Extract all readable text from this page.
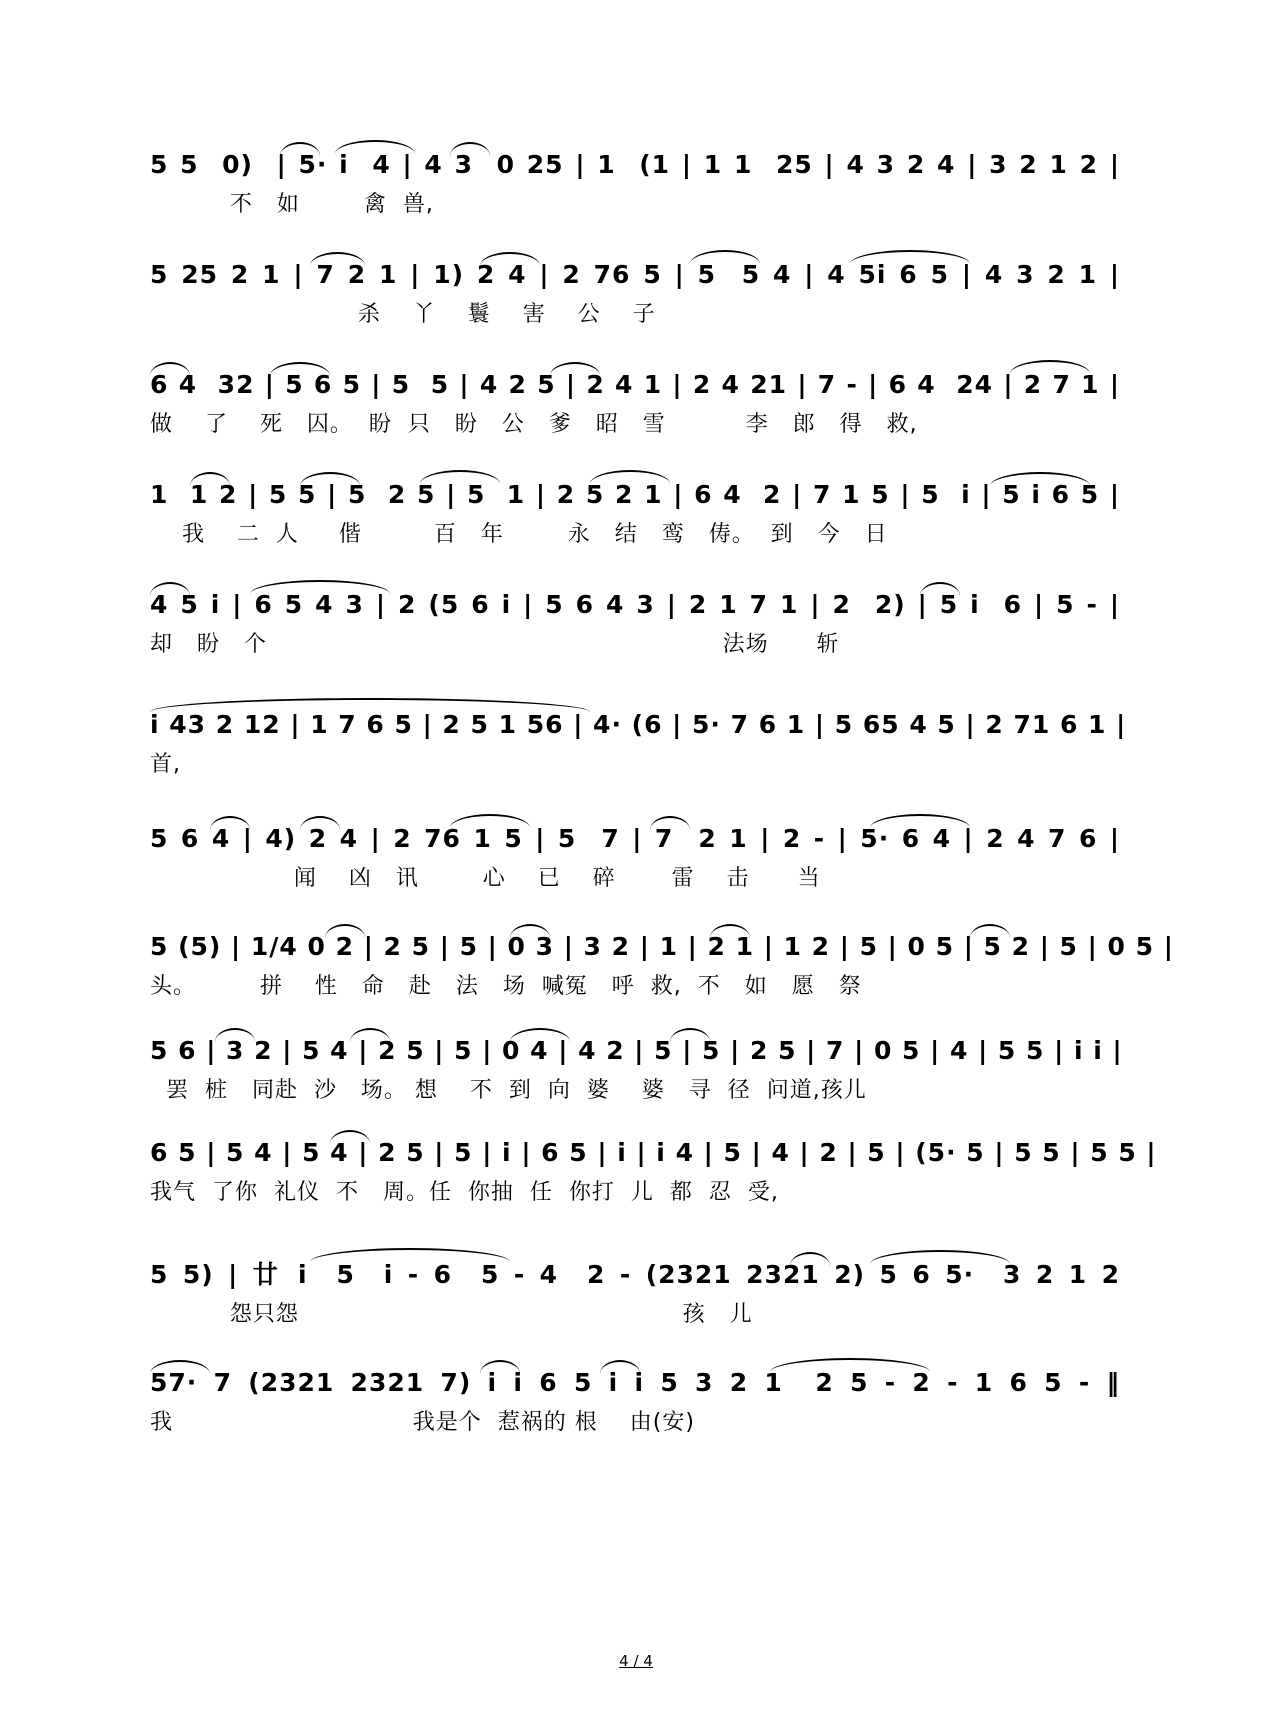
5 5  0)  | 5· i  4 | 4 3  0 25 | 1  (1 | 1 1  25 | 4 3 2 4 | 3 2 1 2 |
不   如        禽  兽,
5 25 2 1 | 7 2 1 | 1) 2 4 | 2 76 5 | 5  5 4 | 4 5i 6 5 | 4 3 2 1 |
杀    丫    鬟    害    公    子
6 4  32 | 5 6 5 | 5  5 | 4 2 5 | 2 4 1 | 2 4 21 | 7 - | 6 4  24 | 2 7 1 |
做    了    死   囚。  盼  只   盼   公   爹   昭   雪          李   郎   得   救,
1  1 2 | 5 5 | 5  2 5 | 5  1 | 2 5 2 1 | 6 4  2 | 7 1 5 | 5  i | 5 i 6 5 |
我    二  人     偕         百   年        永   结   鸾   俦。  到   今   日
4 5 i | 6 5 4 3 | 2 (5 6 i | 5 6 4 3 | 2 1 7 1 | 2  2) | 5 i  6 | 5 - |
却   盼   个                                                         法场      斩
i 43 2 12 | 1 7 6 5 | 2 5 1 56 | 4· (6 | 5· 7 6 1 | 5 65 4 5 | 2 71 6 1 |
首,
5 6 4 | 4) 2 4 | 2 76 1 5 | 5  7 | 7  2 1 | 2 - | 5· 6 4 | 2 4 7 6 |
闻    凶   讯        心    已    碎       雷    击      当
5 (5) | 1/4 0 2 | 2 5 | 5 | 0 3 | 3 2 | 1 | 2 1 | 1 2 | 5 | 0 5 | 5 2 | 5 | 0 5 |
头。        拼    性   命   赴   法   场  喊冤   呼  救,  不   如   愿   祭
5 6 | 3 2 | 5 4 | 2 5 | 5 | 0 4 | 4 2 | 5 | 5 | 2 5 | 7 | 0 5 | 4 | 5 5 | i i |
罢  桩   同赴  沙   场。 想    不  到  向  婆    婆   寻  径  问道,孩儿
6 5 | 5 4 | 5 4 | 2 5 | 5 | i | 6 5 | i | i 4 | 5 | 4 | 2 | 5 | (5· 5 | 5 5 | 5 5 |
我气  了你  礼仪  不   周。任  你抽  任  你打  儿  都  忍  受,
5 5) | 廿 i  5  i - 6  5 - 4  2 - (2321 2321 2) 5 6 5·  3 2 1 2
怨只怨                                                孩   儿
57· 7 (2321 2321 7) i i 6 5 i i 5 3 2 1  2 5 - 2 - 1 6 5 - ‖
我                              我是个  惹祸的 根    由(安)
4 / 4
